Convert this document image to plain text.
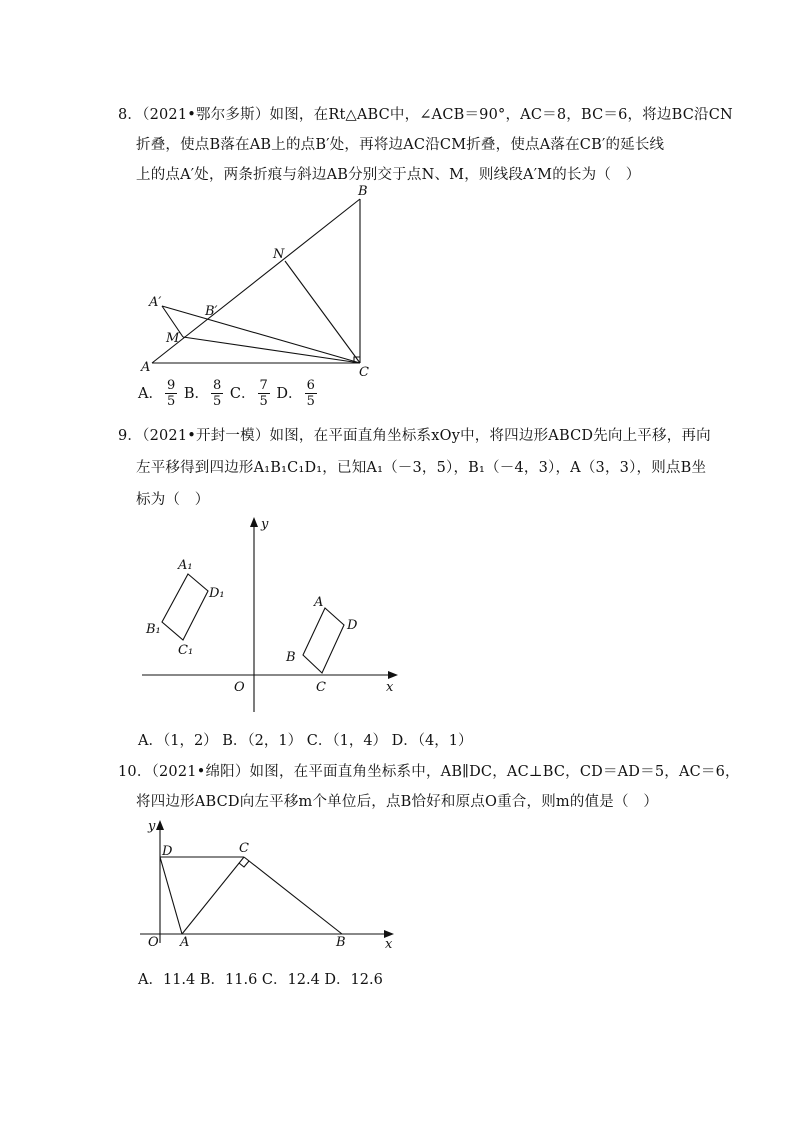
8．（2021•鄂尔多斯）如图，在Rt△ABC中，∠ACB＝90°，AC＝8，BC＝6，将边BC沿CN
折叠，使点B落在AB上的点B′处，再将边AC沿CM折叠，使点A落在CB′的延长线
上的点A′处，两条折痕与斜边AB分别交于点N、M，则线段A′M的长为（　）
B
N
B′
A′
M
A	C
A． $\frac{9}{5}$ B． $\frac{8}{5}$ C． $\frac{7}{5}$ D． $\frac{6}{5}$
9．（2021•开封一模）如图，在平面直角坐标系xOy中，将四边形ABCD先向上平移，再向
左平移得到四边形A₁B₁C₁D₁，已知A₁（－3，5），B₁（－4，3），A（3，3），则点B坐
标为（　）
y
x
O
A₁
D₁
B₁
C₁
A
D
B
C
A．（1，2） B．（2，1） C．（1，4） D．（4，1）
10．（2021•绵阳）如图，在平面直角坐标系中，AB∥DC，AC⊥BC，CD＝AD＝5，AC＝6，
将四边形ABCD向左平移m个单位后，点B恰好和原点O重合，则m的值是（　）
y
x
D	C
O A	B
A．11.4 B．11.6 C．12.4 D．12.6
